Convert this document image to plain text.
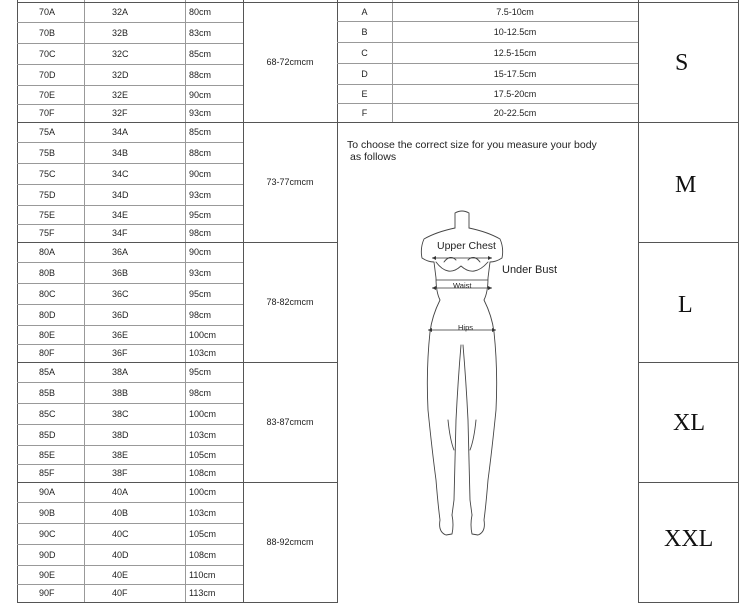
70A	32A	80cm
70B	32B	83cm
70C	32C	85cm
70D	32D	88cm
70E	32E	90cm
70F	32F	93cm
75A	34A	85cm
75B	34B	88cm
75C	34C	90cm
75D	34D	93cm
75E	34E	95cm
75F	34F	98cm
80A	36A	90cm
80B	36B	93cm
80C	36C	95cm
80D	36D	98cm
80E	36E	100cm
80F	36F	103cm
85A	38A	95cm
85B	38B	98cm
85C	38C	100cm
85D	38D	103cm
85E	38E	105cm
85F	38F	108cm
90A	40A	100cm
90B	40B	103cm
90C	40C	105cm
90D	40D	108cm
90E	40E	110cm
90F	40F	113cm
68-72cmcm
73-77cmcm
78-82cmcm
83-87cmcm
88-92cmcm
A	7.5-10cm
B	10-12.5cm
C	12.5-15cm
D	15-17.5cm
E	17.5-20cm
F	20-22.5cm
S
M
L
XL
XXL
To choose the correct size for you measure your body
as follows
Upper Chest
Under Bust
Waist
Hips
